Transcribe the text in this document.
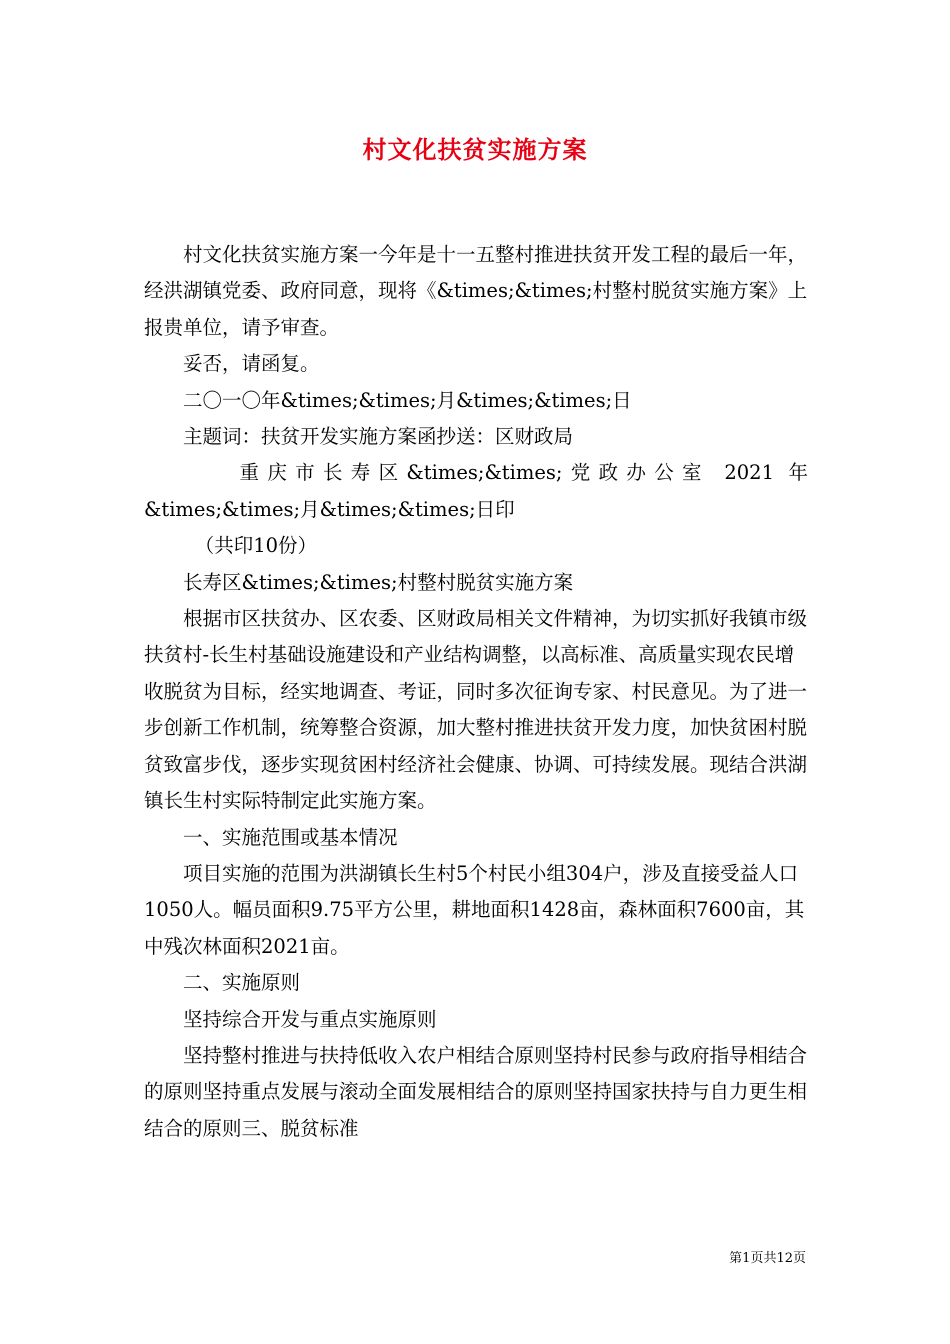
村文化扶贫实施方案

村文化扶贫实施方案一今年是十一五整村推进扶贫开发工程的最后一年，经洪湖镇党委、政府同意，现将《&times;&times;村整村脱贫实施方案》上报贵单位，请予审查。

妥否，请函复。

二〇一〇年&times;&times;月&times;&times;日

主题词：扶贫开发实施方案函抄送：区财政局

重庆市长寿区&times;&times;党政办公室 2021 年

&times;&times;月&times;&times;日印

（共印10份）

长寿区&times;&times;村整村脱贫实施方案

根据市区扶贫办、区农委、区财政局相关文件精神，为切实抓好我镇市级扶贫村-长生村基础设施建设和产业结构调整，以高标准、高质量实现农民增收脱贫为目标，经实地调查、考证，同时多次征询专家、村民意见。为了进一步创新工作机制，统筹整合资源，加大整村推进扶贫开发力度，加快贫困村脱贫致富步伐，逐步实现贫困村经济社会健康、协调、可持续发展。现结合洪湖镇长生村实际特制定此实施方案。

一、实施范围或基本情况

项目实施的范围为洪湖镇长生村5个村民小组304户，涉及直接受益人口1050人。幅员面积9.75平方公里，耕地面积1428亩，森林面积7600亩，其中残次林面积2021亩。

二、实施原则

坚持综合开发与重点实施原则

坚持整村推进与扶持低收入农户相结合原则坚持村民参与政府指导相结合的原则坚持重点发展与滚动全面发展相结合的原则坚持国家扶持与自力更生相结合的原则三、脱贫标准

第1页共12页
